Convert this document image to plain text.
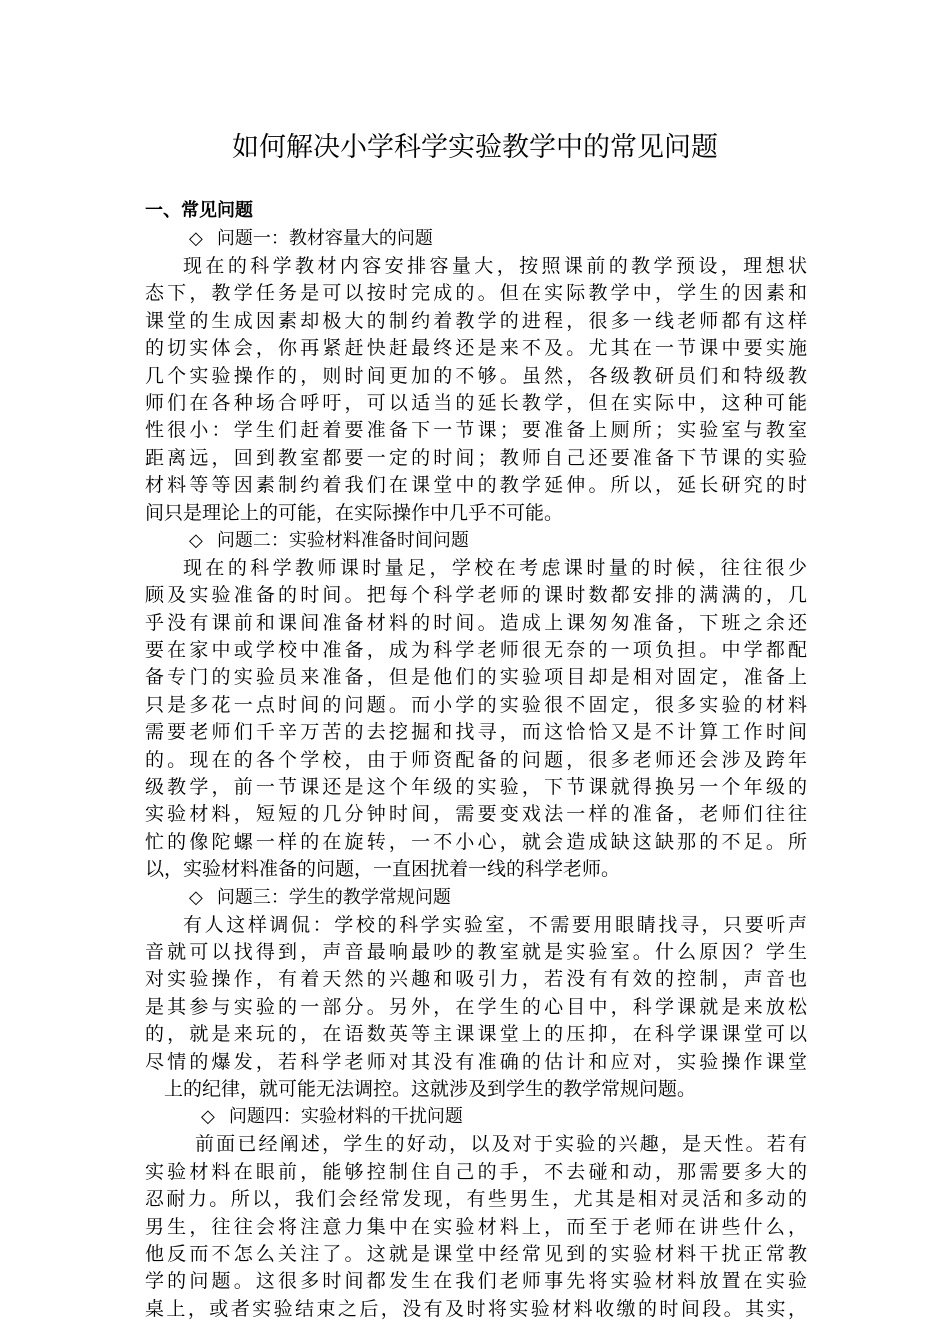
如何解决小学科学实验教学中的常见问题
一、常见问题
◇ 问题一：教材容量大的问题
现在的科学教材内容安排容量大，按照课前的教学预设，理想状
态下，教学任务是可以按时完成的。但在实际教学中，学生的因素和
课堂的生成因素却极大的制约着教学的进程，很多一线老师都有这样
的切实体会，你再紧赶快赶最终还是来不及。尤其在一节课中要实施
几个实验操作的，则时间更加的不够。虽然，各级教研员们和特级教
师们在各种场合呼吁，可以适当的延长教学，但在实际中，这种可能
性很小：学生们赶着要准备下一节课；要准备上厕所；实验室与教室
距离远，回到教室都要一定的时间；教师自己还要准备下节课的实验
材料等等因素制约着我们在课堂中的教学延伸。所以，延长研究的时
间只是理论上的可能，在实际操作中几乎不可能。
◇ 问题二：实验材料准备时间问题
现在的科学教师课时量足，学校在考虑课时量的时候，往往很少
顾及实验准备的时间。把每个科学老师的课时数都安排的满满的，几
乎没有课前和课间准备材料的时间。造成上课匆匆准备，下班之余还
要在家中或学校中准备，成为科学老师很无奈的一项负担。中学都配
备专门的实验员来准备，但是他们的实验项目却是相对固定，准备上
只是多花一点时间的问题。而小学的实验很不固定，很多实验的材料
需要老师们千辛万苦的去挖掘和找寻，而这恰恰又是不计算工作时间
的。现在的各个学校，由于师资配备的问题，很多老师还会涉及跨年
级教学，前一节课还是这个年级的实验，下节课就得换另一个年级的
实验材料，短短的几分钟时间，需要变戏法一样的准备，老师们往往
忙的像陀螺一样的在旋转，一不小心，就会造成缺这缺那的不足。所
以，实验材料准备的问题，一直困扰着一线的科学老师。
◇ 问题三：学生的教学常规问题
有人这样调侃：学校的科学实验室，不需要用眼睛找寻，只要听声
音就可以找得到，声音最响最吵的教室就是实验室。什么原因？学生
对实验操作，有着天然的兴趣和吸引力，若没有有效的控制，声音也
是其参与实验的一部分。另外，在学生的心目中，科学课就是来放松
的，就是来玩的，在语数英等主课课堂上的压抑，在科学课课堂可以
尽情的爆发，若科学老师对其没有准确的估计和应对，实验操作课堂
上的纪律，就可能无法调控。这就涉及到学生的教学常规问题。
◇ 问题四：实验材料的干扰问题
前面已经阐述，学生的好动，以及对于实验的兴趣，是天性。若有
实验材料在眼前，能够控制住自己的手，不去碰和动，那需要多大的
忍耐力。所以，我们会经常发现，有些男生，尤其是相对灵活和多动的
男生，往往会将注意力集中在实验材料上，而至于老师在讲些什么，
他反而不怎么关注了。这就是课堂中经常见到的实验材料干扰正常教
学的问题。这很多时间都发生在我们老师事先将实验材料放置在实验
桌上，或者实验结束之后，没有及时将实验材料收缴的时间段。其实，
